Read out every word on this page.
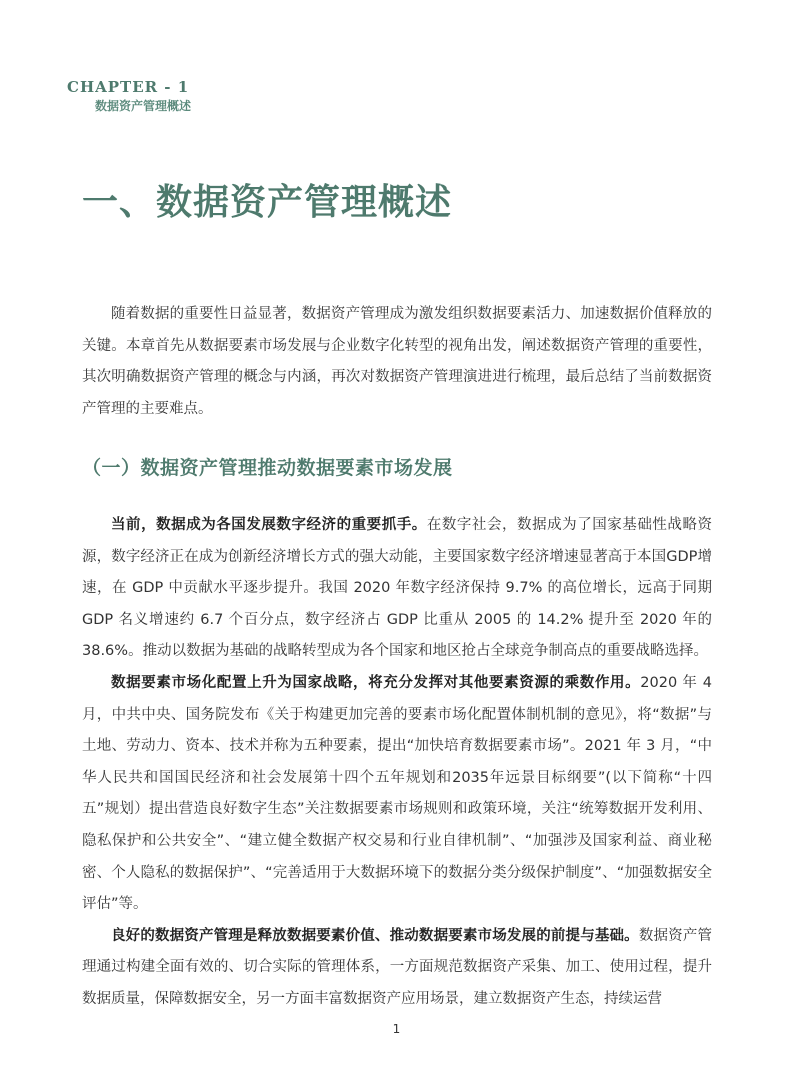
CHAPTER - 1
数据资产管理概述
一、数据资产管理概述

随着数据的重要性日益显著，数据资产管理成为激发组织数据要素活力、加速数据价值释放的关键。本章首先从数据要素市场发展与企业数字化转型的视角出发，阐述数据资产管理的重要性，其次明确数据资产管理的概念与内涵，再次对数据资产管理演进进行梳理，最后总结了当前数据资产管理的主要难点。

（一）数据资产管理推动数据要素市场发展

当前，数据成为各国发展数字经济的重要抓手。在数字社会，数据成为了国家基础性战略资源，数字经济正在成为创新经济增长方式的强大动能，主要国家数字经济增速显著高于本国GDP增速，在 GDP 中贡献水平逐步提升。我国 2020 年数字经济保持 9.7% 的高位增长，远高于同期 GDP 名义增速约 6.7 个百分点，数字经济占 GDP 比重从 2005 的 14.2% 提升至 2020 年的 38.6%。推动以数据为基础的战略转型成为各个国家和地区抢占全球竞争制高点的重要战略选择。

数据要素市场化配置上升为国家战略，将充分发挥对其他要素资源的乘数作用。2020 年 4 月，中共中央、国务院发布《关于构建更加完善的要素市场化配置体制机制的意见》，将“数据”与土地、劳动力、资本、技术并称为五种要素，提出“加快培育数据要素市场”。2021 年 3 月，“中华人民共和国国民经济和社会发展第十四个五年规划和2035年远景目标纲要”(以下简称“十四五”规划）提出营造良好数字生态”关注数据要素市场规则和政策环境，关注“统筹数据开发利用、隐私保护和公共安全”、“建立健全数据产权交易和行业自律机制”、“加强涉及国家利益、商业秘密、个人隐私的数据保护”、“完善适用于大数据环境下的数据分类分级保护制度”、“加强数据安全评估”等。

良好的数据资产管理是释放数据要素价值、推动数据要素市场发展的前提与基础。数据资产管理通过构建全面有效的、切合实际的管理体系，一方面规范数据资产采集、加工、使用过程，提升数据质量，保障数据安全，另一方面丰富数据资产应用场景，建立数据资产生态，持续运营

1
